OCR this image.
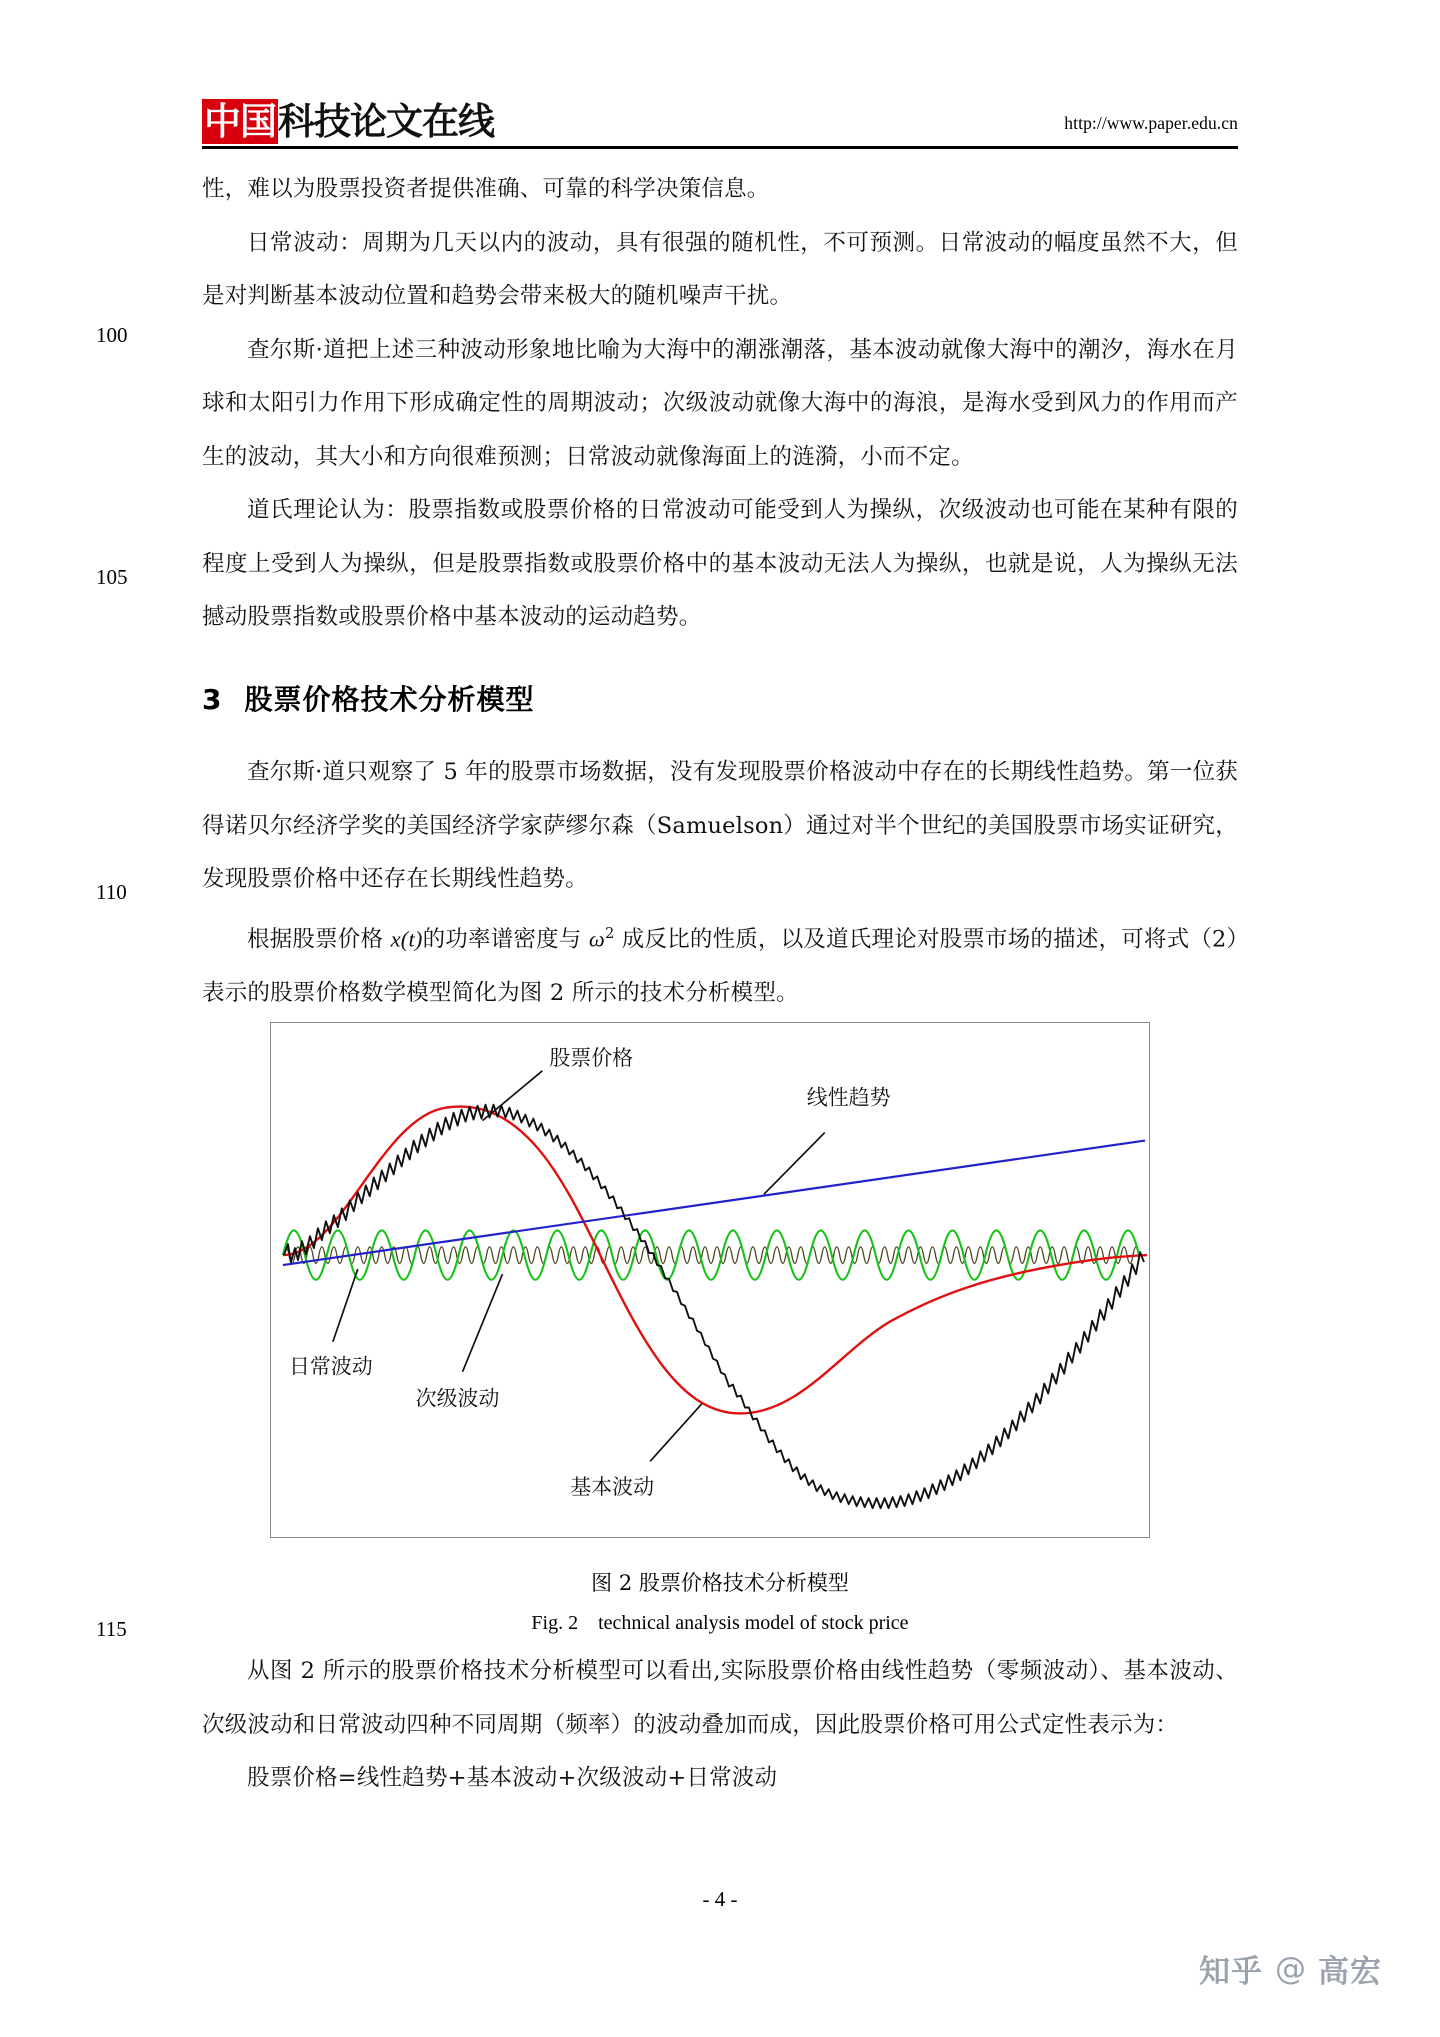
中国科技论文在线	http://www.paper.edu.cn
100
105
110
115

性，难以为股票投资者提供准确、可靠的科学决策信息。

日常波动：周期为几天以内的波动，具有很强的随机性，不可预测。日常波动的幅度虽然不大，但是对判断基本波动位置和趋势会带来极大的随机噪声干扰。

查尔斯·道把上述三种波动形象地比喻为大海中的潮涨潮落，基本波动就像大海中的潮汐，海水在月球和太阳引力作用下形成确定性的周期波动；次级波动就像大海中的海浪，是海水受到风力的作用而产生的波动，其大小和方向很难预测；日常波动就像海面上的涟漪，小而不定。

道氏理论认为：股票指数或股票价格的日常波动可能受到人为操纵，次级波动也可能在某种有限的程度上受到人为操纵，但是股票指数或股票价格中的基本波动无法人为操纵，也就是说，人为操纵无法撼动股票指数或股票价格中基本波动的运动趋势。

3 股票价格技术分析模型

查尔斯·道只观察了 5 年的股票市场数据，没有发现股票价格波动中存在的长期线性趋势。第一位获得诺贝尔经济学奖的美国经济学家萨缪尔森（Samuelson）通过对半个世纪的美国股票市场实证研究，发现股票价格中还存在长期线性趋势。

根据股票价格 x(t)的功率谱密度与 $\omega^2$ 成反比的性质，以及道氏理论对股票市场的描述，可将式（2）表示的股票价格数学模型简化为图 2 所示的技术分析模型。

股票价格
线性趋势
日常波动
次级波动
基本波动
图 2 股票价格技术分析模型
Fig. 2 technical analysis model of stock price

从图 2 所示的股票价格技术分析模型可以看出,实际股票价格由线性趋势（零频波动）、基本波动、次级波动和日常波动四种不同周期（频率）的波动叠加而成，因此股票价格可用公式定性表示为：

股票价格=线性趋势+基本波动+次级波动+日常波动

- 4 -
知乎 @ 高宏
